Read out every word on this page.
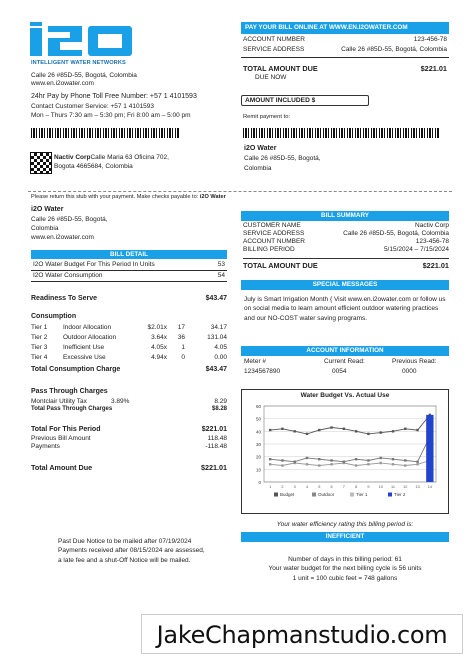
INTELLIGENT WATER NETWORKS
Calle 26 #85D-55, Bogotá, Colombia
www.en.i2owater.com
24hr Pay by Phone Toll Free Number: +57 1 4101593
Contact Customer Service: +57 1 4101593
Mon – Thurs 7:30 am – 5:30 pm; Fri 8:00 am – 5:00 pm
Nactiv CorpCalle Maria 63 Oficina 702,
Bogota 4665684, Colombia
PAY YOUR BILL ONLINE AT WWW.EN.I2OWATER.COM
ACCOUNT NUMBER	123-456-78
SERVICE ADDRESS	Calle 26 #85D-55, Bogotá, Colombia
TOTAL AMOUNT DUE	$221.01
DUE NOW
AMOUNT INCLUDED $
Remit payment to:
i2O Water
Calle 26 #85D-55, Bogotá,
Colombia
Please return this stub with your payment. Make checks payable to: i2O Water
i2O Water
Calle 26 #85D-55, Bogotá,
Colombia
www.en.i2owater.com
BILL DETAIL
I2O Water Budget For This Period In Units	53
I2O Water Consumption	54
Readiness To Serve	$43.47
Consumption
Tier 1	Indoor Allocation	$2.01x	17	34.17
Tier 2	Outdoor Allocation	3.64x	36	131.04
Tier 3	Inefficient Use	4.05x	1	4.05
Tier 4	Excessive Use	4.94x	0	0.00
Total Consumption Charge	$43.47
Pass Through Charges
Montclair Utility Tax	3.89%	8.29
Total Pass Through Charges	$8.28
Total For This Period	$221.01
Previous Bill Amount	118.48
Payments	-118.48
Total Amount Due	$221.01
BILL SUMMARY
CUSTOMER NAME	Nactiv Corp
SERVICE ADDRESS	Calle 26 #85D-55, Bogotá, Colombia
ACCOUNT NUMBER	123-456-78
BILLING PERIOD	5/15/2024 – 7/15/2024
TOTAL AMOUNT DUE	$221.01
SPECIAL MESSAGES
July is Smart Irrigation Month { Visit www.en.i2owater.com or follow us on social media to learn amount efficient outdoor watering practices and our NO-COST water saving programs.
ACCOUNT INFORMATION
Meter #	Current Read:	Previous Read:
1234567890	0054	0000
Water Budget Vs. Actual Use
60
50
40
30
20
10
0
1	2	3	4	5	6	7	8	9 10 11 12 13 14
Budget	Outdoor	Tier 1	Tier 2
Your water efficiency rating this billing period is:
INEFFICIENT
Number of days in this billing period: 61
Your water budget for the next billing cycle is 56 units
1 unit = 100 cubic feet = 748 gallons
Past Due Notice to be mailed after 07/19/2024
Payments received after 08/15/2024 are assessed,
a late fee and a shut-Off Notice will be mailed.
JakeChapmanstudio.com
